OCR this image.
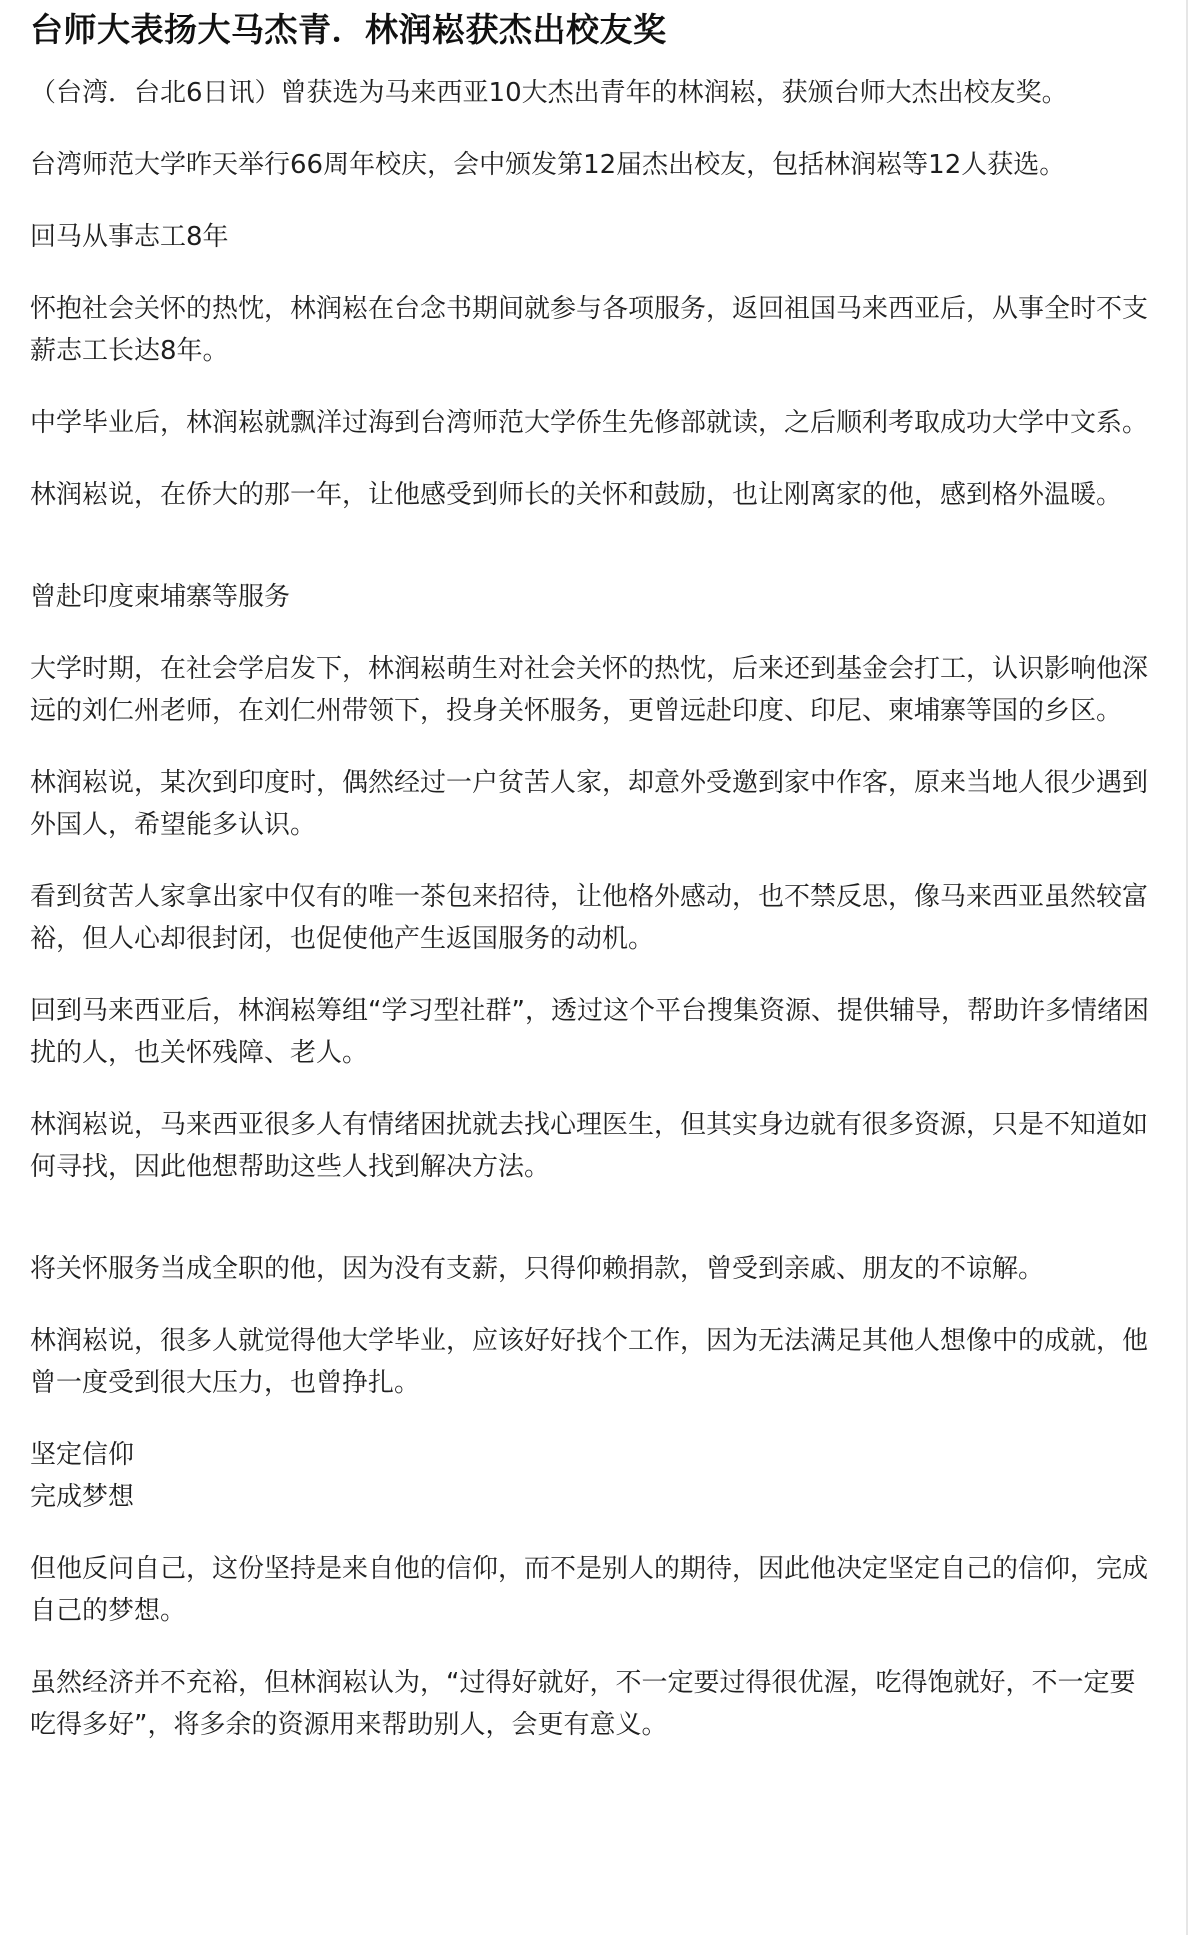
台师大表扬大马杰青．林润崧获杰出校友奖

（台湾．台北6日讯）曾获选为马来西亚10大杰出青年的林润崧，获颁台师大杰出校友奖。

台湾师范大学昨天举行66周年校庆，会中颁发第12届杰出校友，包括林润崧等12人获选。

回马从事志工8年

怀抱社会关怀的热忱，林润崧在台念书期间就参与各项服务，返回祖国马来西亚后，从事全时不支薪志工长达8年。

中学毕业后，林润崧就飘洋过海到台湾师范大学侨生先修部就读，之后顺利考取成功大学中文系。

林润崧说，在侨大的那一年，让他感受到师长的关怀和鼓励，也让刚离家的他，感到格外温暖。

曾赴印度柬埔寨等服务

大学时期，在社会学启发下，林润崧萌生对社会关怀的热忱，后来还到基金会打工，认识影响他深远的刘仁州老师，在刘仁州带领下，投身关怀服务，更曾远赴印度、印尼、柬埔寨等国的乡区。

林润崧说，某次到印度时，偶然经过一户贫苦人家，却意外受邀到家中作客，原来当地人很少遇到外国人，希望能多认识。

看到贫苦人家拿出家中仅有的唯一茶包来招待，让他格外感动，也不禁反思，像马来西亚虽然较富裕，但人心却很封闭，也促使他产生返国服务的动机。

回到马来西亚后，林润崧筹组“学习型社群”，透过这个平台搜集资源、提供辅导，帮助许多情绪困扰的人，也关怀残障、老人。

林润崧说，马来西亚很多人有情绪困扰就去找心理医生，但其实身边就有很多资源，只是不知道如何寻找，因此他想帮助这些人找到解决方法。

将关怀服务当成全职的他，因为没有支薪，只得仰赖捐款，曾受到亲戚、朋友的不谅解。

林润崧说，很多人就觉得他大学毕业，应该好好找个工作，因为无法满足其他人想像中的成就，他曾一度受到很大压力，也曾挣扎。

坚定信仰
完成梦想

但他反问自己，这份坚持是来自他的信仰，而不是别人的期待，因此他决定坚定自己的信仰，完成自己的梦想。

虽然经济并不充裕，但林润崧认为，“过得好就好，不一定要过得很优渥，吃得饱就好，不一定要吃得多好”，将多余的资源用来帮助别人，会更有意义。
